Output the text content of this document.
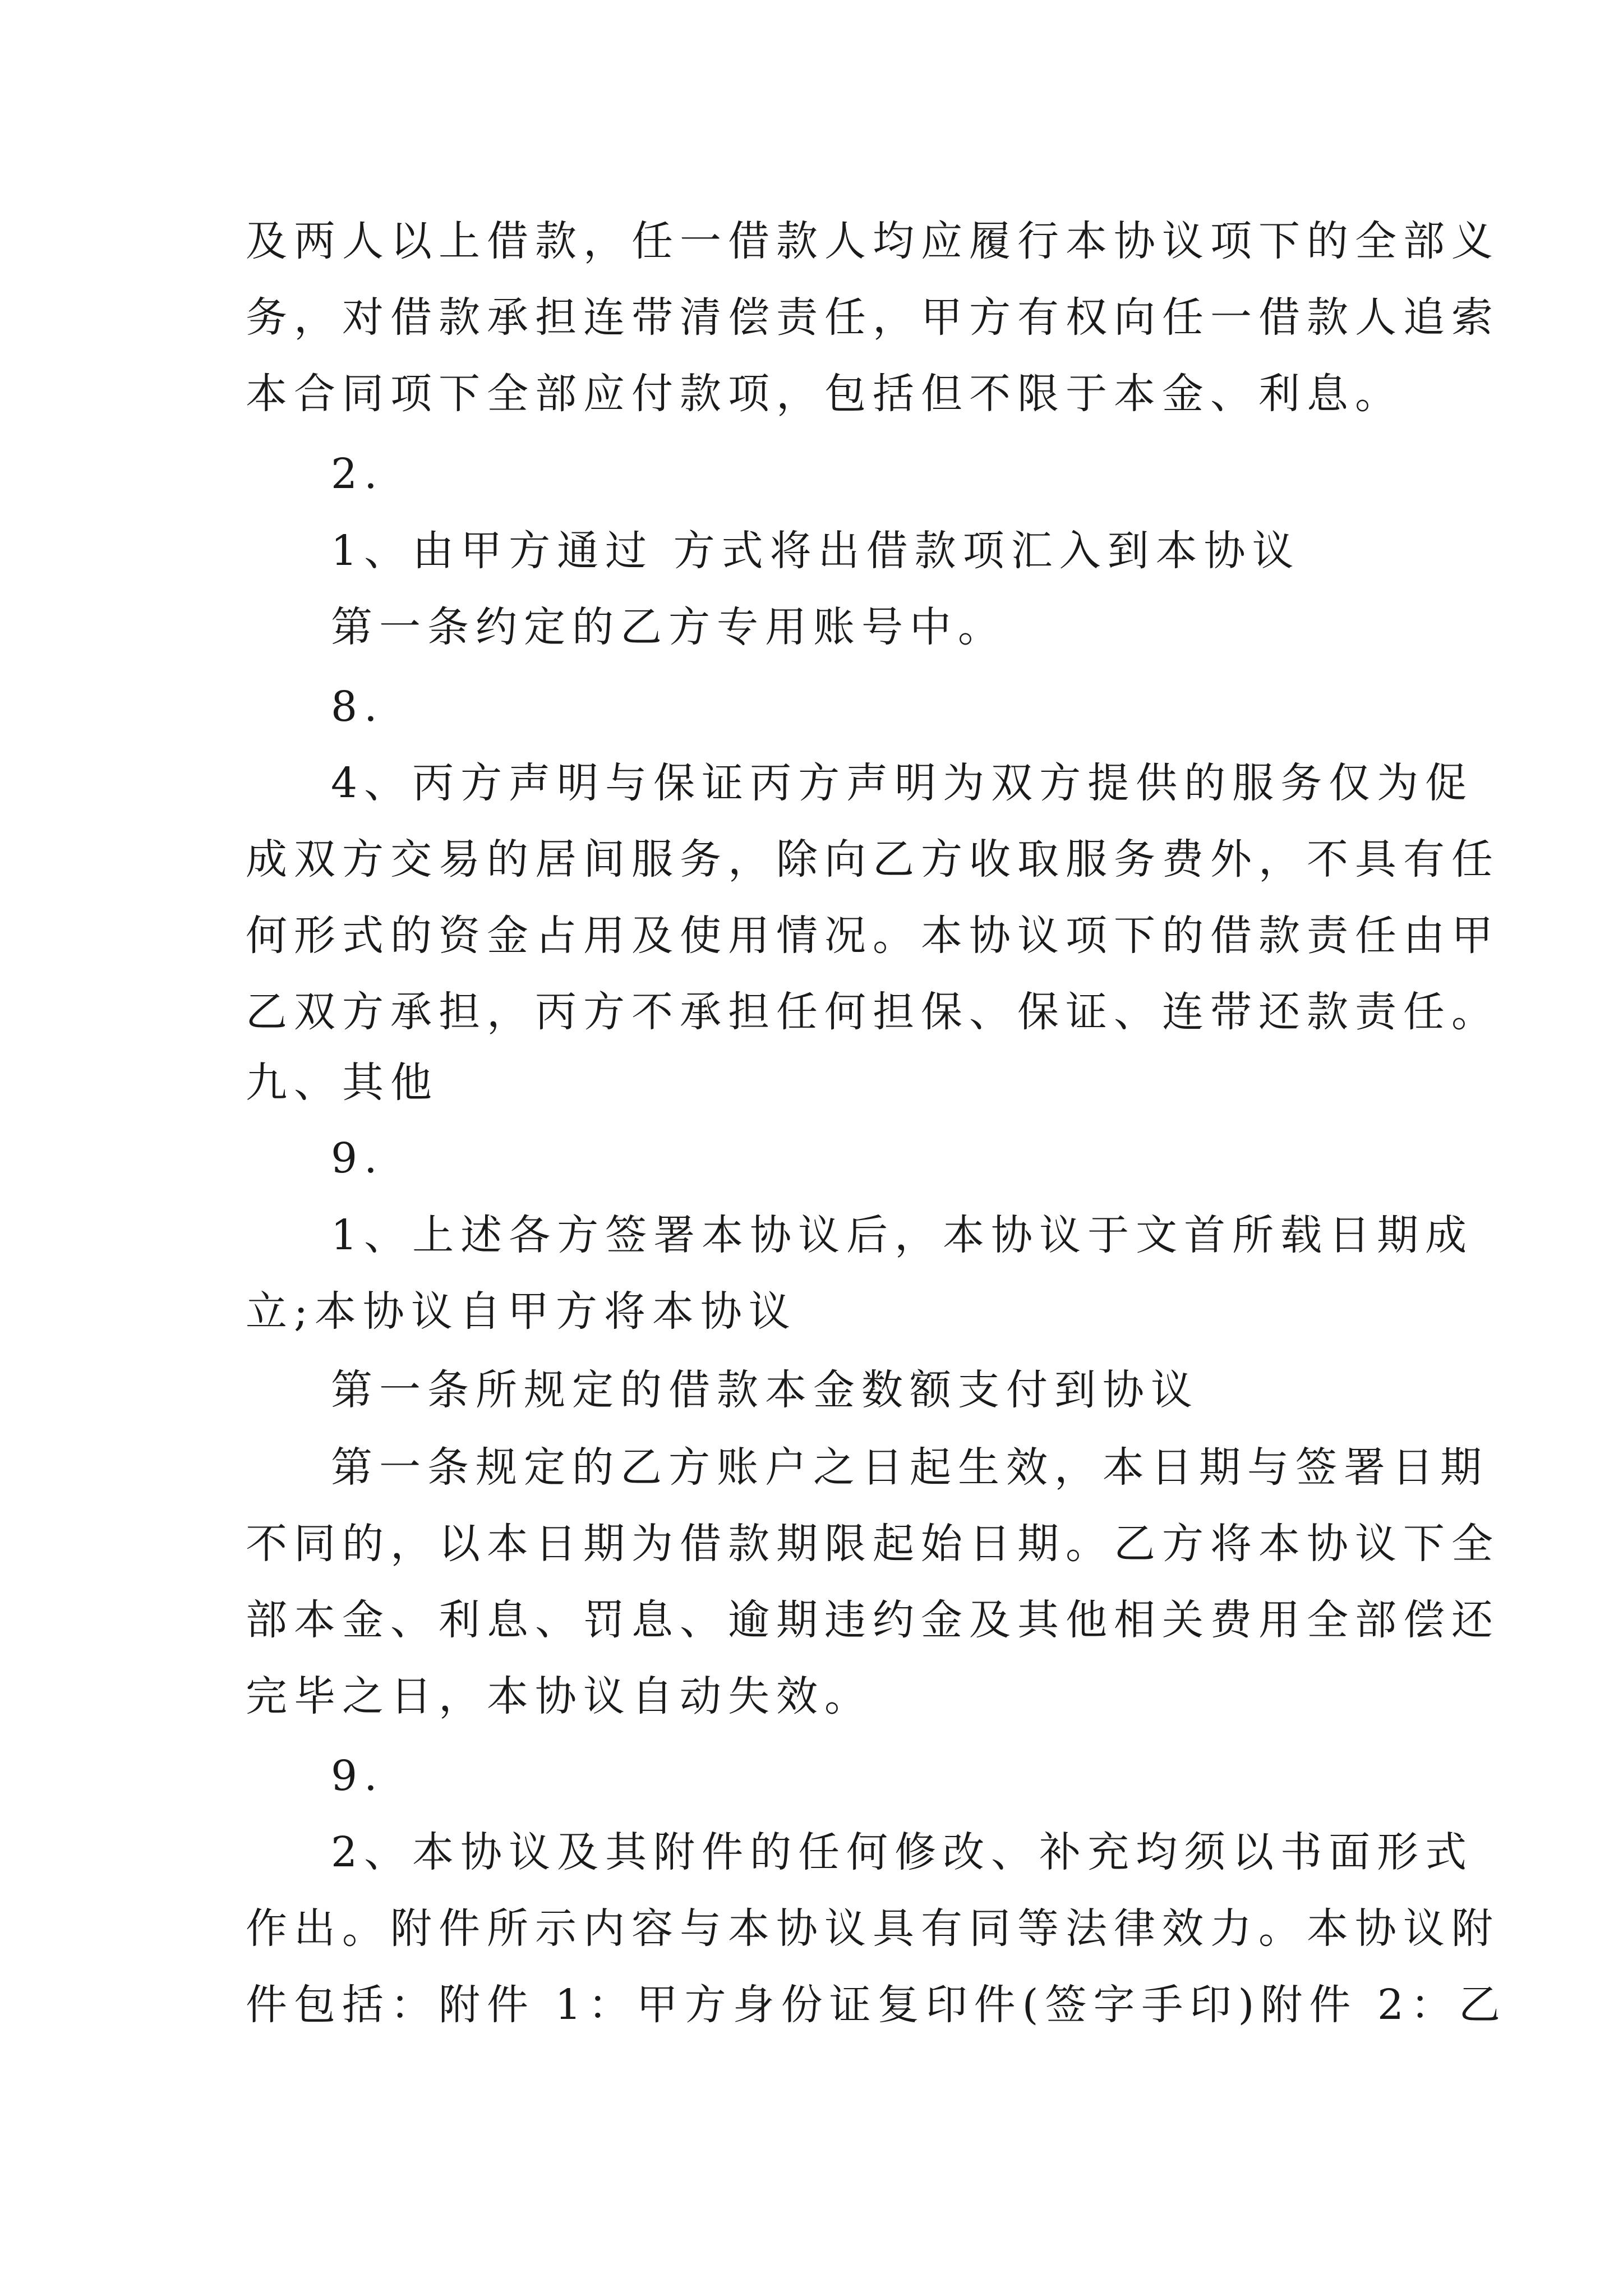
及两人以上借款，任一借款人均应履行本协议项下的全部义
务，对借款承担连带清偿责任，甲方有权向任一借款人追索
本合同项下全部应付款项，包括但不限于本金、利息。
2.
1、由甲方通过 方式将出借款项汇入到本协议
第一条约定的乙方专用账号中。
8.
4、丙方声明与保证丙方声明为双方提供的服务仅为促
成双方交易的居间服务，除向乙方收取服务费外，不具有任
何形式的资金占用及使用情况。本协议项下的借款责任由甲
乙双方承担，丙方不承担任何担保、保证、连带还款责任。
九、其他
9.
1、上述各方签署本协议后，本协议于文首所载日期成
立;本协议自甲方将本协议
第一条所规定的借款本金数额支付到协议
第一条规定的乙方账户之日起生效，本日期与签署日期
不同的，以本日期为借款期限起始日期。乙方将本协议下全
部本金、利息、罚息、逾期违约金及其他相关费用全部偿还
完毕之日，本协议自动失效。
9.
2、本协议及其附件的任何修改、补充均须以书面形式
作出。附件所示内容与本协议具有同等法律效力。本协议附
件包括：附件 1：甲方身份证复印件(签字手印)附件 2：乙
